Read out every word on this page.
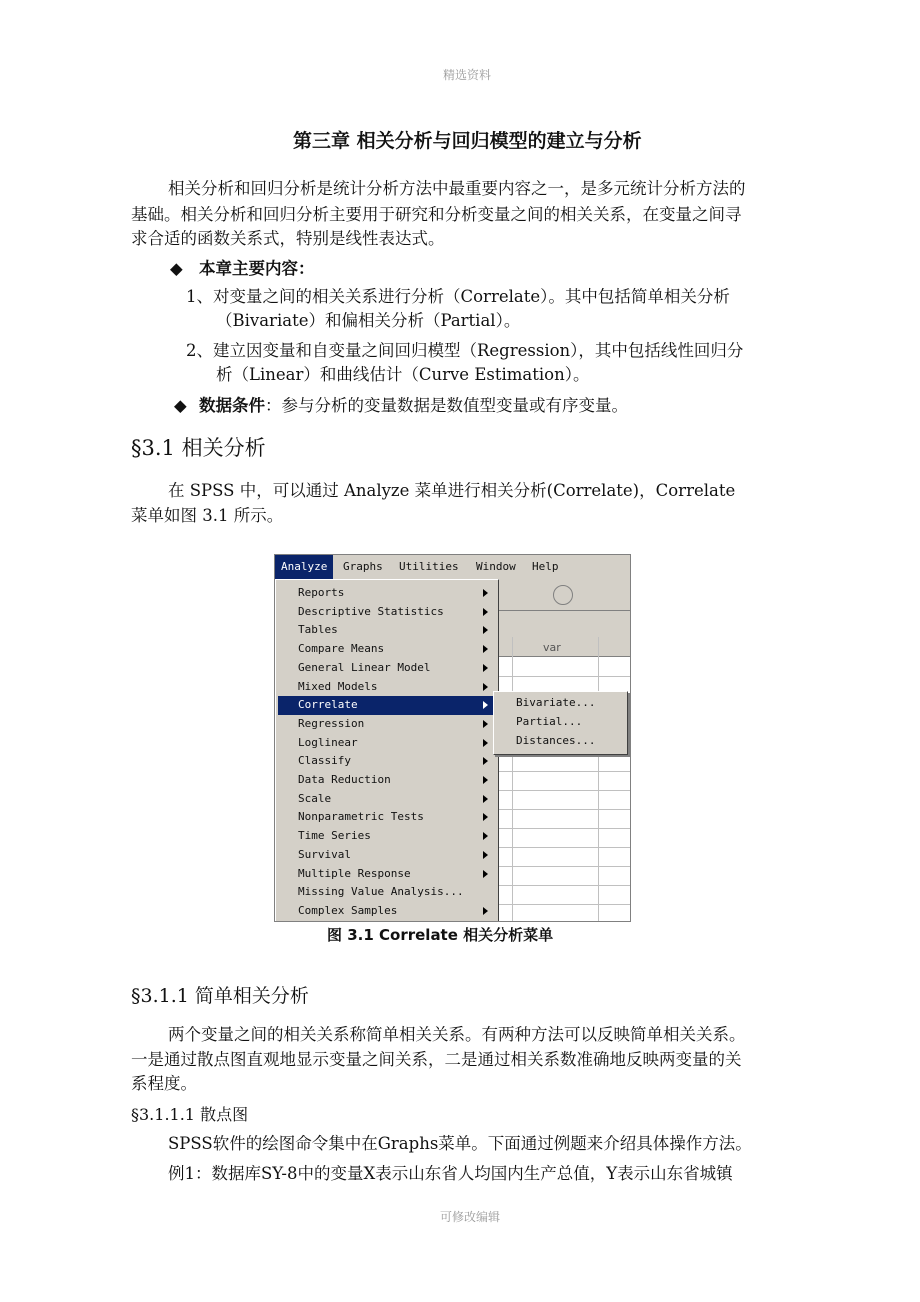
精选资料
第三章 相关分析与回归模型的建立与分析
相关分析和回归分析是统计分析方法中最重要内容之一，是多元统计分析方法的
基础。相关分析和回归分析主要用于研究和分析变量之间的相关关系，在变量之间寻
求合适的函数关系式，特别是线性表达式。
◆ 本章主要内容：
1、对变量之间的相关关系进行分析（Correlate）。其中包括简单相关分析
（Bivariate）和偏相关分析（Partial）。
2、建立因变量和自变量之间回归模型（Regression），其中包括线性回归分
析（Linear）和曲线估计（Curve Estimation）。
◆ 数据条件：参与分析的变量数据是数值型变量或有序变量。
§3.1 相关分析
在 SPSS 中，可以通过 Analyze 菜单进行相关分析(Correlate)，Correlate
菜单如图 3.1 所示。
var
Analyze	Graphs Utilities Window Help
Reports
Descriptive Statistics
Tables
Compare Means
General Linear Model
Mixed Models
Correlate
Regression
Loglinear
Classify
Data Reduction
Scale
Nonparametric Tests
Time Series
Survival
Multiple Response
Missing Value Analysis...
Complex Samples
Bivariate...
Partial...
Distances...
图 3.1 Correlate 相关分析菜单
§3.1.1 简单相关分析
两个变量之间的相关关系称简单相关关系。有两种方法可以反映简单相关关系。
一是通过散点图直观地显示变量之间关系，二是通过相关系数准确地反映两变量的关
系程度。
§3.1.1.1 散点图
SPSS软件的绘图命令集中在Graphs菜单。下面通过例题来介绍具体操作方法。
例1：数据库SY-8中的变量X表示山东省人均国内生产总值，Y表示山东省城镇
可修改编辑
